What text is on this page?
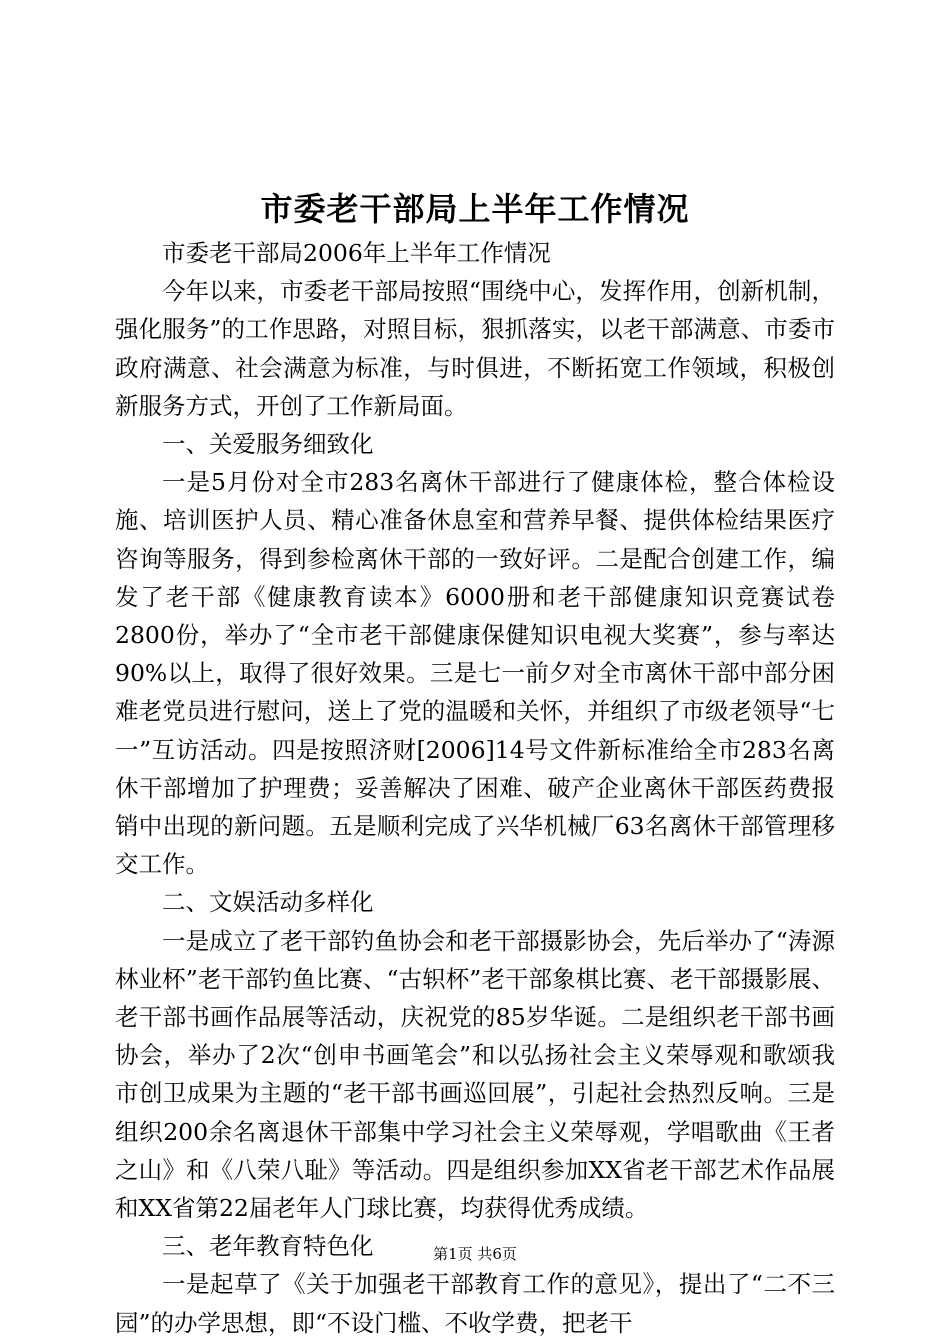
市委老干部局上半年工作情况

市委老干部局2006年上半年工作情况

今年以来，市委老干部局按照“围绕中心，发挥作用，创新机制，强化服务”的工作思路，对照目标，狠抓落实，以老干部满意、市委市政府满意、社会满意为标准，与时俱进，不断拓宽工作领域，积极创新服务方式，开创了工作新局面。

一、关爱服务细致化

一是5月份对全市283名离休干部进行了健康体检，整合体检设施、培训医护人员、精心准备休息室和营养早餐、提供体检结果医疗咨询等服务，得到参检离休干部的一致好评。二是配合创建工作，编发了老干部《健康教育读本》6000册和老干部健康知识竞赛试卷2800份，举办了“全市老干部健康保健知识电视大奖赛”，参与率达90%以上，取得了很好效果。三是七一前夕对全市离休干部中部分困难老党员进行慰问，送上了党的温暖和关怀，并组织了市级老领导“七一”互访活动。四是按照济财[2006]14号文件新标准给全市283名离休干部增加了护理费；妥善解决了困难、破产企业离休干部医药费报销中出现的新问题。五是顺利完成了兴华机械厂63名离休干部管理移交工作。

二、文娱活动多样化

一是成立了老干部钓鱼协会和老干部摄影协会，先后举办了“涛源林业杯”老干部钓鱼比赛、“古轵杯”老干部象棋比赛、老干部摄影展、老干部书画作品展等活动，庆祝党的85岁华诞。二是组织老干部书画协会，举办了2次“创申书画笔会”和以弘扬社会主义荣辱观和歌颂我市创卫成果为主题的“老干部书画巡回展”，引起社会热烈反响。三是组织200余名离退休干部集中学习社会主义荣辱观，学唱歌曲《王者之山》和《八荣八耻》等活动。四是组织参加XX省老干部艺术作品展和XX省第22届老年人门球比赛，均获得优秀成绩。

三、老年教育特色化

一是起草了《关于加强老干部教育工作的意见》，提出了“二不三园”的办学思想，即“不设门槛、不收学费，把老干

第1页 共6页
